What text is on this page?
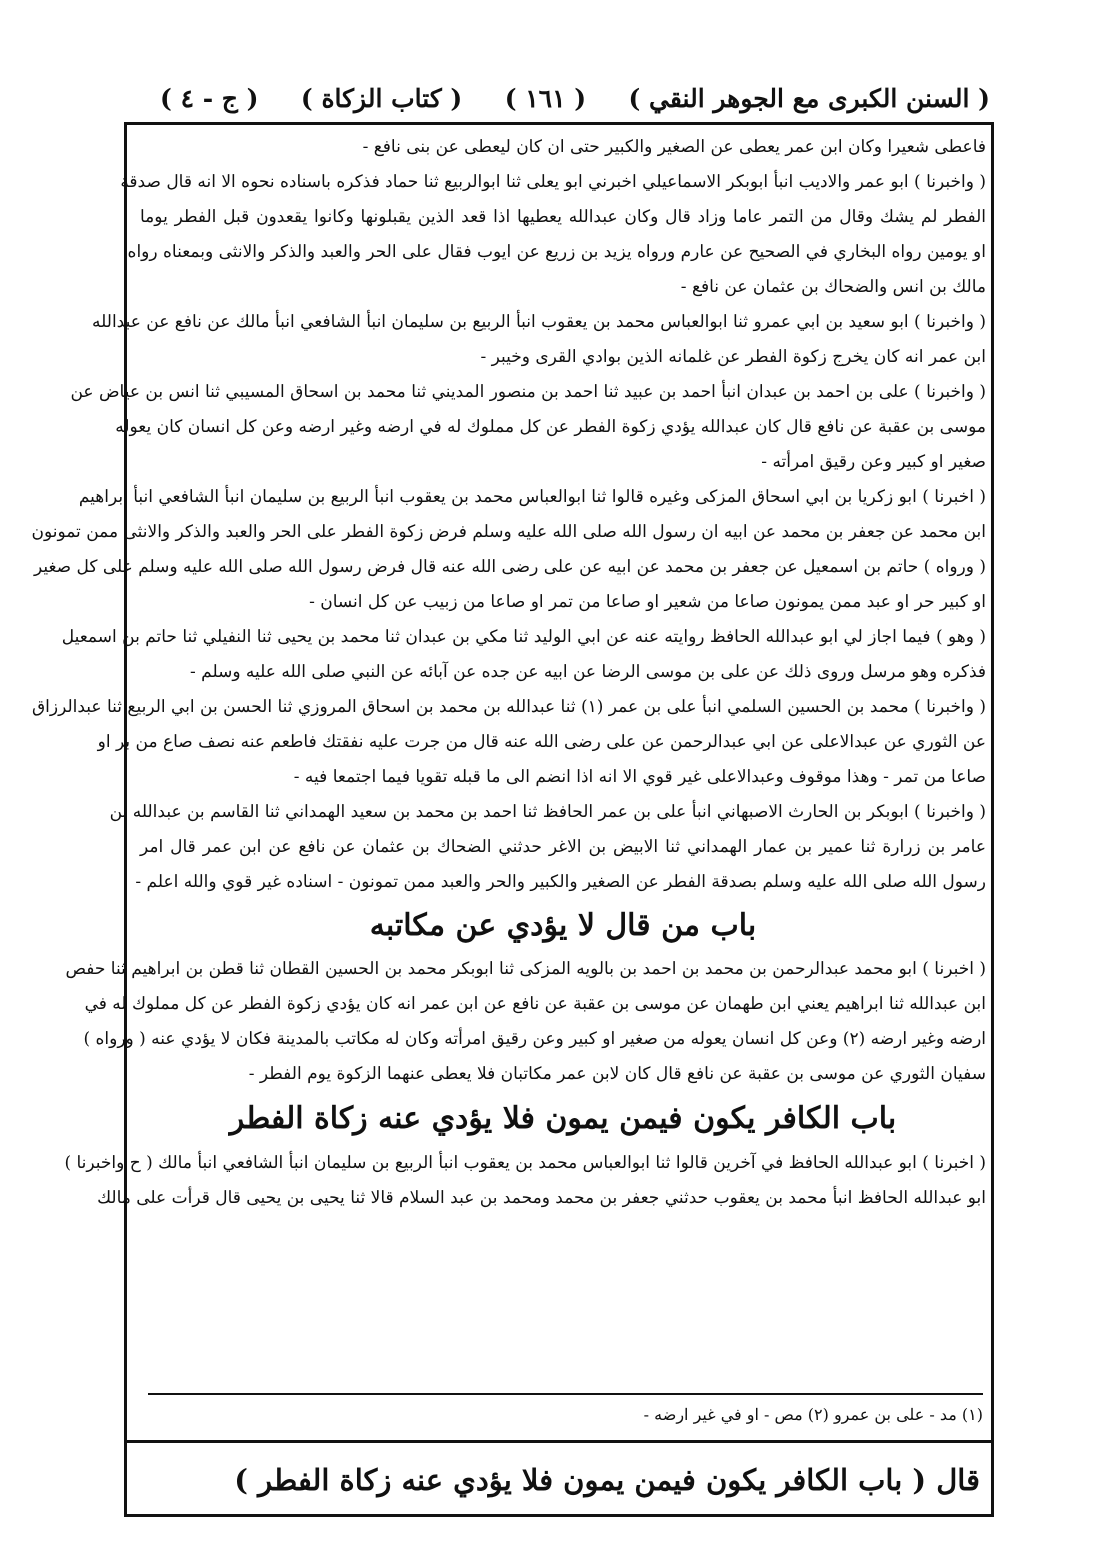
( السنن الكبرى مع الجوهر النقي )
( ١٦١ )
( كتاب الزكاة )
( ج - ٤ )
فاعطى شعيرا وكان ابن عمر يعطى عن الصغير والكبير حتى ان كان ليعطى عن بنى نافع -
( واخبرنا ) ابو عمر والاديب انبأ ابوبكر الاسماعيلي اخبرني ابو يعلى ثنا ابوالربيع ثنا حماد فذكره باسناده نحوه الا انه قال صدقة
الفطر لم يشك وقال من التمر عاما وزاد قال وكان عبدالله يعطيها اذا قعد الذين يقبلونها وكانوا يقعدون قبل الفطر يوما
او يومين رواه البخاري في الصحيح عن عارم ورواه يزيد بن زريع عن ايوب فقال على الحر والعبد والذكر والانثى وبمعناه رواه
مالك بن انس والضحاك بن عثمان عن نافع -
( واخبرنا ) ابو سعيد بن ابي عمرو ثنا ابوالعباس محمد بن يعقوب انبأ الربيع بن سليمان انبأ الشافعي انبأ مالك عن نافع عن عبدالله
ابن عمر انه كان يخرج زكوة الفطر عن غلمانه الذين بوادي القرى وخيبر -
( واخبرنا ) على بن احمد بن عبدان انبأ احمد بن عبيد ثنا احمد بن منصور المديني ثنا محمد بن اسحاق المسيبي ثنا انس بن عياض عن
موسى بن عقبة عن نافع قال كان عبدالله يؤدي زكوة الفطر عن كل مملوك له في ارضه وغير ارضه وعن كل انسان كان يعوله
صغير او كبير وعن رقيق امرأته -
( اخبرنا ) ابو زكريا بن ابي اسحاق المزكى وغيره قالوا ثنا ابوالعباس محمد بن يعقوب انبأ الربيع بن سليمان انبأ الشافعي انبأ ابراهيم
ابن محمد عن جعفر بن محمد عن ابيه ان رسول الله صلى الله عليه وسلم فرض زكوة الفطر على الحر والعبد والذكر والانثى ممن تمونون
( ورواه ) حاتم بن اسمعيل عن جعفر بن محمد عن ابيه عن على رضى الله عنه قال فرض رسول الله صلى الله عليه وسلم على كل صغير
او كبير حر او عبد ممن يمونون صاعا من شعير او صاعا من تمر او صاعا من زبيب عن كل انسان -
( وهو ) فيما اجاز لي ابو عبدالله الحافظ روايته عنه عن ابي الوليد ثنا مكي بن عبدان ثنا محمد بن يحيى ثنا النفيلي ثنا حاتم بن اسمعيل
فذكره وهو مرسل وروى ذلك عن على بن موسى الرضا عن ابيه عن جده عن آبائه عن النبي صلى الله عليه وسلم -
( واخبرنا ) محمد بن الحسين السلمي انبأ على بن عمر (١) ثنا عبدالله بن محمد بن اسحاق المروزي ثنا الحسن بن ابي الربيع ثنا عبدالرزاق
عن الثوري عن عبدالاعلى عن ابي عبدالرحمن عن على رضى الله عنه قال من جرت عليه نفقتك فاطعم عنه نصف صاع من بر او
صاعا من تمر - وهذا موقوف وعبدالاعلى غير قوي الا انه اذا انضم الى ما قبله تقويا فيما اجتمعا فيه -
( واخبرنا ) ابوبكر بن الحارث الاصبهاني انبأ على بن عمر الحافظ ثنا احمد بن محمد بن سعيد الهمداني ثنا القاسم بن عبدالله بن
عامر بن زرارة ثنا عمير بن عمار الهمداني ثنا الابيض بن الاغر حدثني الضحاك بن عثمان عن نافع عن ابن عمر قال امر
رسول الله صلى الله عليه وسلم بصدقة الفطر عن الصغير والكبير والحر والعبد ممن تمونون - اسناده غير قوي والله اعلم -
باب من قال لا يؤدي عن مكاتبه
( اخبرنا ) ابو محمد عبدالرحمن بن محمد بن احمد بن بالويه المزكى ثنا ابوبكر محمد بن الحسين القطان ثنا قطن بن ابراهيم ثنا حفص
ابن عبدالله ثنا ابراهيم يعني ابن طهمان عن موسى بن عقبة عن نافع عن ابن عمر انه كان يؤدي زكوة الفطر عن كل مملوك له في
ارضه وغير ارضه (٢) وعن كل انسان يعوله من صغير او كبير وعن رقيق امرأته وكان له مكاتب بالمدينة فكان لا يؤدي عنه ( ورواه )
سفيان الثوري عن موسى بن عقبة عن نافع قال كان لابن عمر مكاتبان فلا يعطى عنهما الزكوة يوم الفطر -
باب الكافر يكون فيمن يمون فلا يؤدي عنه زكاة الفطر
( اخبرنا ) ابو عبدالله الحافظ في آخرين قالوا ثنا ابوالعباس محمد بن يعقوب انبأ الربيع بن سليمان انبأ الشافعي انبأ مالك ( ح واخبرنا )
ابو عبدالله الحافظ انبأ محمد بن يعقوب حدثني جعفر بن محمد ومحمد بن عبد السلام قالا ثنا يحيى بن يحيى قال قرأت على مالك
(١) مد - على بن عمرو (٢) مص - او في غير ارضه -
قال ( باب الكافر يكون فيمن يمون فلا يؤدي عنه زكاة الفطر )
